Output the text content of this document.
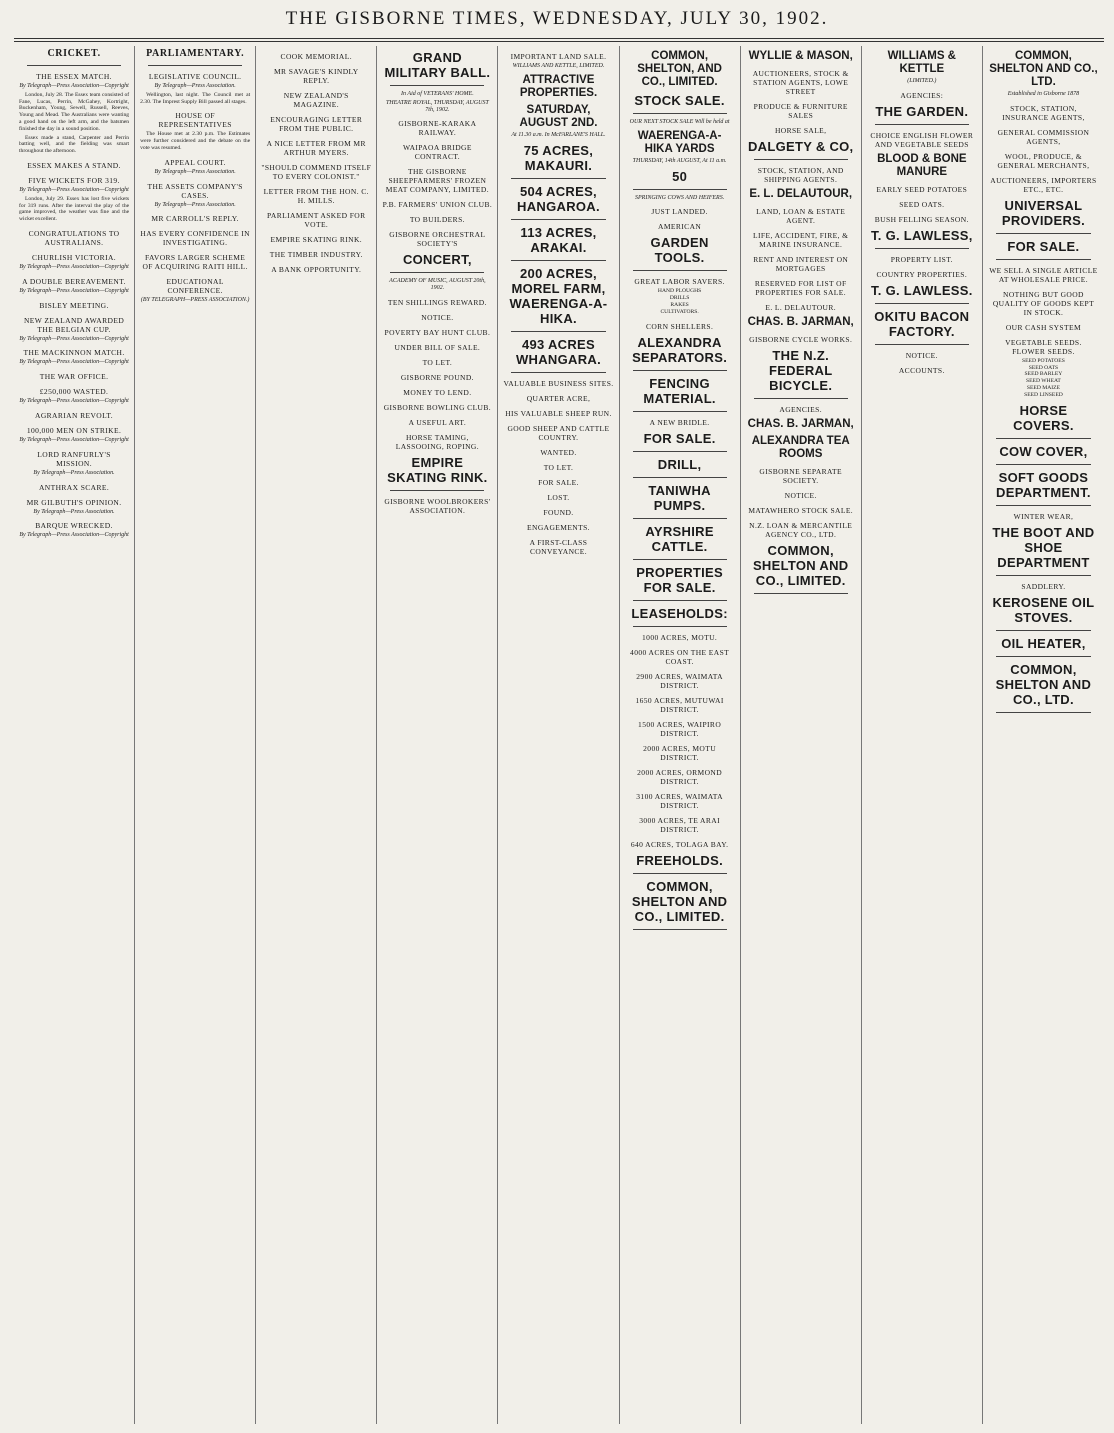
THE GISBORNE TIMES, WEDNESDAY, JULY 30, 1902.
CRICKET.
THE ESSEX MATCH.
By Telegraph—Press Association—Copyright

London, July 28. The Essex team consisted of Fane, Lucas, Perrin, McGahey, Kortright, Buckenham, Young, Sewell, Russell, Reeves, Young and Mead. The Australians were wanting a good hand on the left arm, and the batsmen finished the day in a sound position.

Essex made a stand, Carpenter and Perrin batting well, and the fielding was smart throughout the afternoon.

ESSEX MAKES A STAND.
FIVE WICKETS FOR 319.
By Telegraph—Press Association—Copyright

London, July 29. Essex has lost five wickets for 319 runs. After the interval the play of the game improved, the weather was fine and the wicket excellent.

CONGRATULATIONS TO AUSTRALIANS.
CHURLISH VICTORIA.
By Telegraph—Press Association—Copyright
A DOUBLE BEREAVEMENT.
By Telegraph—Press Association—Copyright
BISLEY MEETING.
NEW ZEALAND AWARDED THE BELGIAN CUP.
By Telegraph—Press Association—Copyright
THE MACKINNON MATCH.
By Telegraph—Press Association—Copyright
THE WAR OFFICE.
£250,000 WASTED.
By Telegraph—Press Association—Copyright
AGRARIAN REVOLT.
100,000 MEN ON STRIKE.
By Telegraph—Press Association—Copyright
LORD RANFURLY'S MISSION.
By Telegraph—Press Association.
ANTHRAX SCARE.
MR GILBUTH'S OPINION.
By Telegraph—Press Association.
BARQUE WRECKED.
By Telegraph—Press Association—Copyright
PARLIAMENTARY.
LEGISLATIVE COUNCIL.
By Telegraph—Press Association.

Wellington, last night. The Council met at 2.30. The Imprest Supply Bill passed all stages.

HOUSE OF REPRESENTATIVES

The House met at 2.30 p.m. The Estimates were further considered and the debate on the vote was resumed.

APPEAL COURT.
By Telegraph—Press Association.
THE ASSETS COMPANY'S CASES.
By Telegraph—Press Association.
MR CARROLL'S REPLY.
HAS EVERY CONFIDENCE IN INVESTIGATING.
FAVORS LARGER SCHEME OF ACQUIRING RAITI HILL.
EDUCATIONAL CONFERENCE.
(BY TELEGRAPH—PRESS ASSOCIATION.)
COOK MEMORIAL.
MR SAVAGE'S KINDLY REPLY.
NEW ZEALAND'S MAGAZINE.
ENCOURAGING LETTER FROM THE PUBLIC.
A NICE LETTER FROM MR ARTHUR MYERS.
"SHOULD COMMEND ITSELF TO EVERY COLONIST."
LETTER FROM THE HON. C. H. MILLS.
PARLIAMENT ASKED FOR VOTE.
EMPIRE SKATING RINK.
THE TIMBER INDUSTRY.
A BANK OPPORTUNITY.
GRAND MILITARY BALL.
In Aid of VETERANS' HOME.
THEATRE ROYAL, THURSDAY, AUGUST 7th, 1902.
GISBORNE-KARAKA RAILWAY.
WAIPAOA BRIDGE CONTRACT.
THE GISBORNE SHEEPFARMERS' FROZEN MEAT COMPANY, LIMITED.
P.B. FARMERS' UNION CLUB.
TO BUILDERS.
GISBORNE ORCHESTRAL SOCIETY'S
CONCERT,
ACADEMY OF MUSIC, AUGUST 20th, 1902.
TEN SHILLINGS REWARD.
NOTICE.
POVERTY BAY HUNT CLUB.
UNDER BILL OF SALE.
TO LET.
GISBORNE POUND.
MONEY TO LEND.
GISBORNE BOWLING CLUB.
A USEFUL ART.
HORSE TAMING, LASSOOING, ROPING.
EMPIRE SKATING RINK.
GISBORNE WOOLBROKERS' ASSOCIATION.
IMPORTANT LAND SALE.
WILLIAMS AND KETTLE, LIMITED.
ATTRACTIVE PROPERTIES.
SATURDAY, AUGUST 2ND.
At 11.30 a.m. In McFARLANE'S HALL.
75 ACRES, MAKAURI.
504 ACRES, HANGAROA.
113 ACRES, ARAKAI.
200 ACRES, MOREL FARM, WAERENGA-A-HIKA.
493 ACRES WHANGARA.
VALUABLE BUSINESS SITES.
QUARTER ACRE,
HIS VALUABLE SHEEP RUN.
GOOD SHEEP AND CATTLE COUNTRY.
WANTED.
TO LET.
FOR SALE.
LOST.
FOUND.
ENGAGEMENTS.
A FIRST-CLASS CONVEYANCE.
COMMON, SHELTON, AND CO., LIMITED.
STOCK SALE.
OUR NEXT STOCK SALE Will be held at
WAERENGA-A-HIKA YARDS
THURSDAY, 14th AUGUST, At 11 a.m.
50
SPRINGING COWS AND HEIFERS.
JUST LANDED.
AMERICAN
GARDEN TOOLS.
GREAT LABOR SAVERS.
HAND PLOUGHS
DRILLS
RAKES
CULTIVATORS.
CORN SHELLERS.
ALEXANDRA SEPARATORS.
FENCING MATERIAL.
A NEW BRIDLE.
FOR SALE.
DRILL,
TANIWHA PUMPS.
AYRSHIRE CATTLE.
PROPERTIES FOR SALE.
LEASEHOLDS:
1000 ACRES, MOTU.
4000 ACRES ON THE EAST COAST.
2900 ACRES, WAIMATA DISTRICT.
1650 ACRES, MUTUWAI DISTRICT.
1500 ACRES, WAIPIRO DISTRICT.
2000 ACRES, MOTU DISTRICT.
2000 ACRES, ORMOND DISTRICT.
3100 ACRES, WAIMATA DISTRICT.
3000 ACRES, TE ARAI DISTRICT.
640 ACRES, TOLAGA BAY.
FREEHOLDS.
COMMON, SHELTON AND CO., LIMITED.
WYLLIE & MASON,
AUCTIONEERS, STOCK & STATION AGENTS, LOWE STREET
PRODUCE & FURNITURE SALES
HORSE SALE,
DALGETY & CO,
STOCK, STATION, AND SHIPPING AGENTS.
E. L. DELAUTOUR,
LAND, LOAN & ESTATE AGENT.
LIFE, ACCIDENT, FIRE, & MARINE INSURANCE.
RENT AND INTEREST ON MORTGAGES
RESERVED FOR LIST OF PROPERTIES FOR SALE.
E. L. DELAUTOUR.
CHAS. B. JARMAN,
GISBORNE CYCLE WORKS.
THE N.Z. FEDERAL BICYCLE.
AGENCIES.
CHAS. B. JARMAN,
ALEXANDRA TEA ROOMS
GISBORNE SEPARATE SOCIETY.
NOTICE.
MATAWHERO STOCK SALE.
N.Z. LOAN & MERCANTILE AGENCY CO., LTD.
COMMON, SHELTON AND CO., LIMITED.
WILLIAMS & KETTLE
(LIMITED.)
AGENCIES:
THE GARDEN.
CHOICE ENGLISH FLOWER AND VEGETABLE SEEDS
BLOOD & BONE MANURE
EARLY SEED POTATOES
SEED OATS.
BUSH FELLING SEASON.
T. G. LAWLESS,
PROPERTY LIST.
COUNTRY PROPERTIES.
T. G. LAWLESS.
OKITU BACON FACTORY.
NOTICE.
ACCOUNTS.
COMMON, SHELTON AND CO., LTD.
Established in Gisborne 1878
STOCK, STATION, INSURANCE AGENTS,
GENERAL COMMISSION AGENTS,
WOOL, PRODUCE, & GENERAL MERCHANTS,
AUCTIONEERS, IMPORTERS ETC., ETC.
UNIVERSAL PROVIDERS.
FOR SALE.
WE SELL A SINGLE ARTICLE AT WHOLESALE PRICE.
NOTHING BUT GOOD QUALITY OF GOODS KEPT IN STOCK.
OUR CASH SYSTEM
VEGETABLE SEEDS. FLOWER SEEDS.
SEED POTATOES
SEED OATS
SEED BARLEY
SEED WHEAT
SEED MAIZE
SEED LINSEED
HORSE COVERS.
COW COVER,
SOFT GOODS DEPARTMENT.
WINTER WEAR,
THE BOOT AND SHOE DEPARTMENT
SADDLERY.
KEROSENE OIL STOVES.
OIL HEATER,
COMMON, SHELTON AND CO., LTD.
